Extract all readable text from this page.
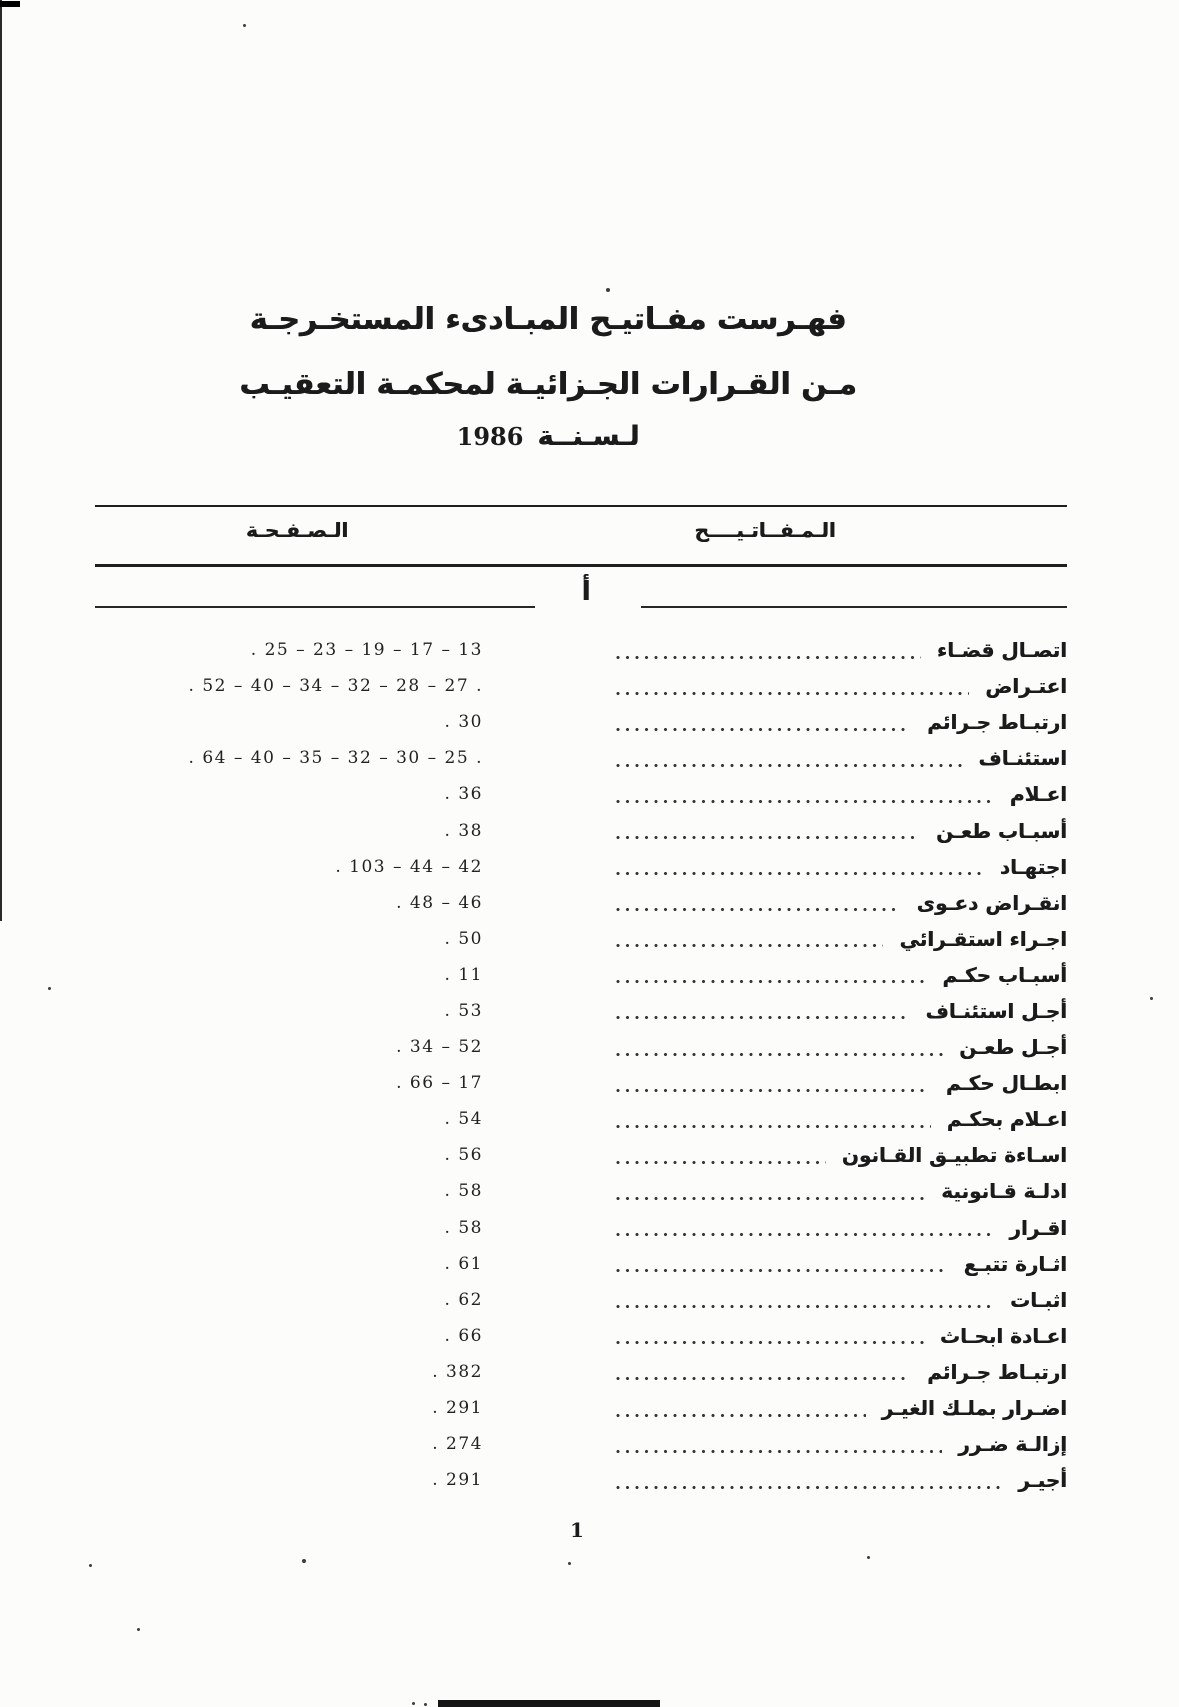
فهـرست مفـاتيـح المبـادىء المستخـرجـة
مـن القـرارات الجـزائيـة لمحكمـة التعقيـب
لـسـنــة1986
الـصـفـحـة	الـمـفــاتـيــــح
أ
اتصـال قضـاء
. 25 – 23 – 19 – 17 – 13
اعتـراض
. 52 – 40 – 34 – 32 – 28 – 27 .
ارتبـاط جـرائم
. 30
استئنـاف
. 64 – 40 – 35 – 32 – 30 – 25 .
اعـلام
. 36
أسبـاب طعـن
. 38
اجتهـاد
. 103 – 44 – 42
انقـراض دعـوى
. 48 – 46
اجـراء استقـرائي
. 50
أسبـاب حكـم
. 11
أجـل استئنـاف
. 53
أجـل طعـن
. 34 – 52
ابطـال حكـم
. 66 – 17
اعـلام بحكـم
. 54
اسـاءة تطبيـق القـانون
. 56
ادلـة قـانونية
. 58
اقـرار
. 58
اثـارة تتبـع
. 61
اثبـات
. 62
اعـادة ابحـاث
. 66
ارتبـاط جـرائم
. 382
اضـرار بملـك الغيـر
. 291
إزالـة ضـرر
. 274
أجيـر
. 291
1
